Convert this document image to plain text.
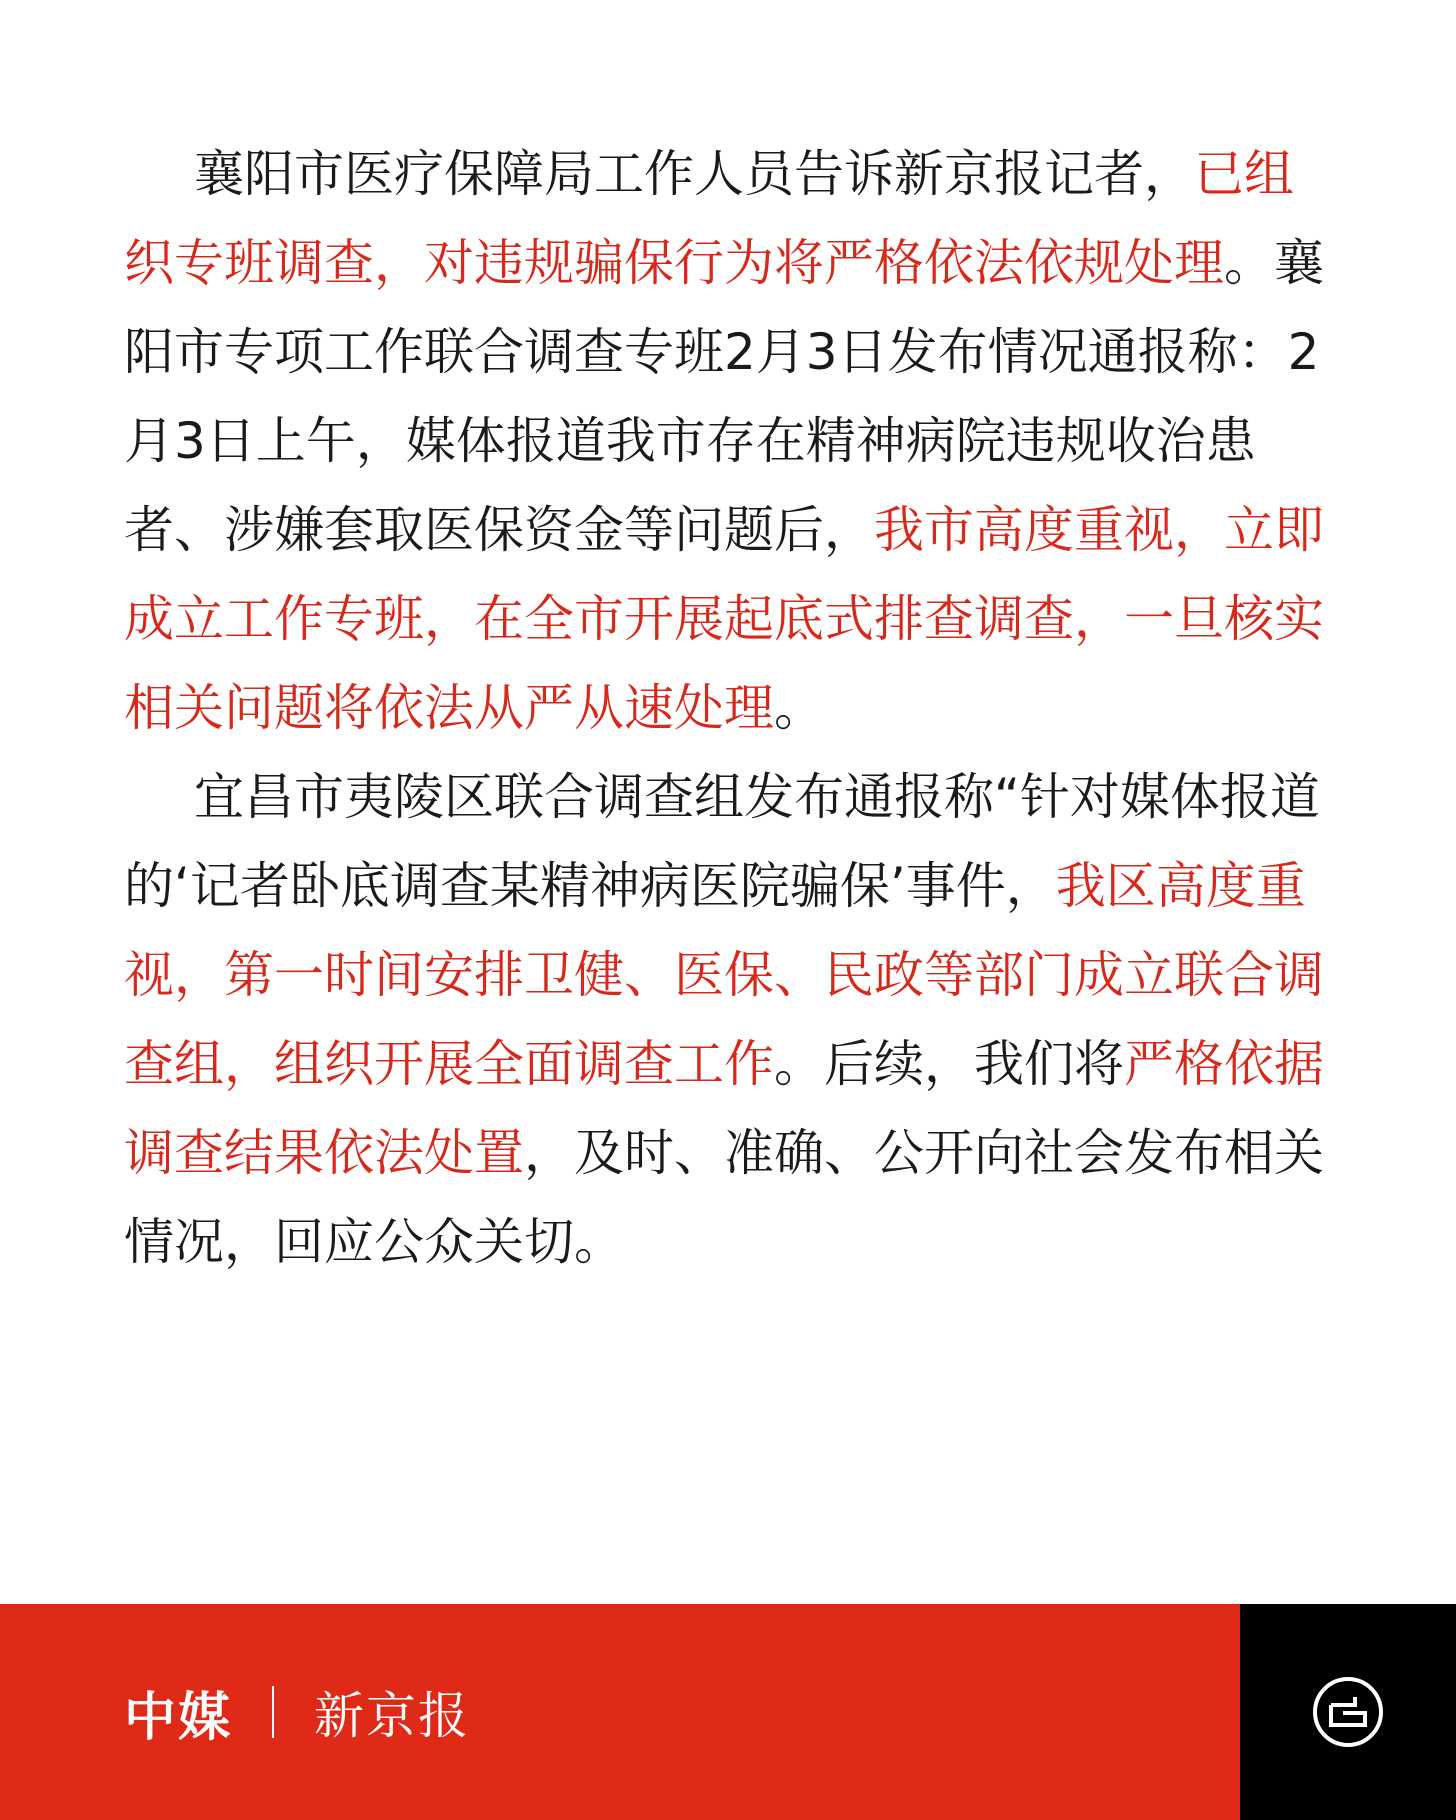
襄阳市医疗保障局工作人员告诉新京报记者，已组织专班调查，对违规骗保行为将严格依法依规处理。襄阳市专项工作联合调查专班2月3日发布情况通报称：2月3日上午，媒体报道我市存在精神病院违规收治患者、涉嫌套取医保资金等问题后，我市高度重视，立即成立工作专班，在全市开展起底式排查调查，一旦核实相关问题将依法从严从速处理。

宜昌市夷陵区联合调查组发布通报称“针对媒体报道的‘记者卧底调查某精神病医院骗保’事件，我区高度重视，第一时间安排卫健、医保、民政等部门成立联合调查组，组织开展全面调查工作。后续，我们将严格依据调查结果依法处置，及时、准确、公开向社会发布相关情况，回应公众关切。

中媒 新京报
